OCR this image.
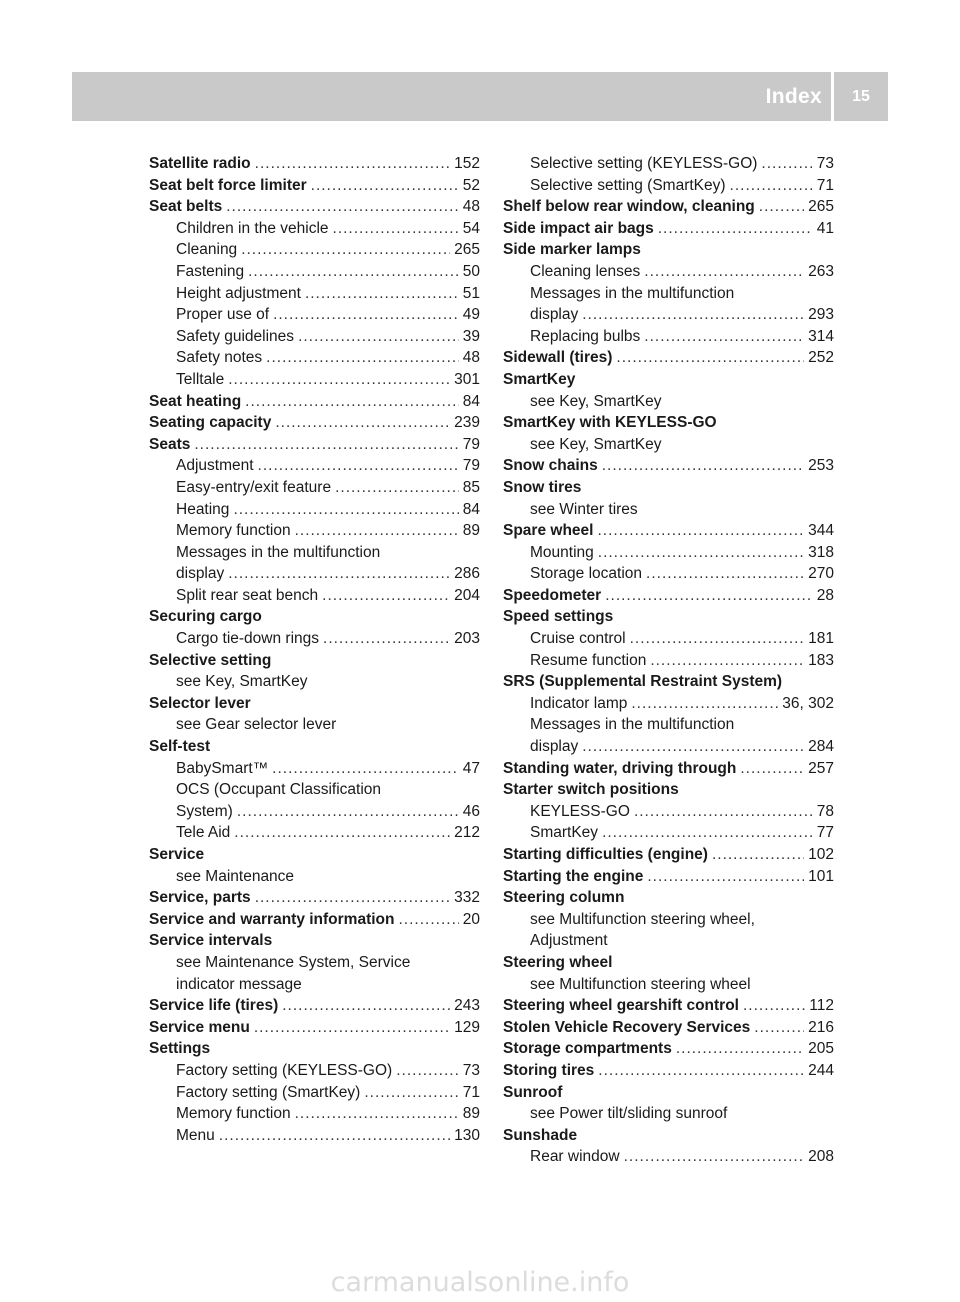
Index	15
Satellite radio .....	152
Seat belt force limiter .....	52
Seat belts .....	48
Children in the vehicle .....	54
Cleaning .....	265
Fastening .....	50
Height adjustment .....	51
Proper use of .....	49
Safety guidelines .....	39
Safety notes .....	48
Telltale .....	301
Seat heating .....	84
Seating capacity .....	239
Seats .....	79
Adjustment .....	79
Easy-entry/exit feature .....	85
Heating .....	84
Memory function .....	89
Messages in the multifunction
display .....	286
Split rear seat bench .....	204
Securing cargo
Cargo tie-down rings .....	203
Selective setting
see Key, SmartKey
Selector lever
see Gear selector lever
Self-test
BabySmart™ .....	47
OCS (Occupant Classification
System) .....	46
Tele Aid .....	212
Service
see Maintenance
Service, parts .....	332
Service and warranty information .....	20
Service intervals
see Maintenance System, Service
indicator message
Service life (tires) .....	243
Service menu .....	129
Settings
Factory setting (KEYLESS-GO) .....	73
Factory setting (SmartKey) .....	71
Memory function .....	89
Menu .....	130
Selective setting (KEYLESS-GO) .....	73
Selective setting (SmartKey) .....	71
Shelf below rear window, cleaning .....	265
Side impact air bags .....	41
Side marker lamps
Cleaning lenses .....	263
Messages in the multifunction
display .....	293
Replacing bulbs .....	314
Sidewall (tires) .....	252
SmartKey
see Key, SmartKey
SmartKey with KEYLESS-GO
see Key, SmartKey
Snow chains .....	253
Snow tires
see Winter tires
Spare wheel .....	344
Mounting .....	318
Storage location .....	270
Speedometer .....	28
Speed settings
Cruise control .....	181
Resume function .....	183
SRS (Supplemental Restraint System)
Indicator lamp .....	36, 302
Messages in the multifunction
display .....	284
Standing water, driving through .....	257
Starter switch positions
KEYLESS-GO .....	78
SmartKey .....	77
Starting difficulties (engine) .....	102
Starting the engine .....	101
Steering column
see Multifunction steering wheel,
Adjustment
Steering wheel
see Multifunction steering wheel
Steering wheel gearshift control .....	112
Stolen Vehicle Recovery Services .....	216
Storage compartments .....	205
Storing tires .....	244
Sunroof
see Power tilt/sliding sunroof
Sunshade
Rear window .....	208
carmanualsonline.info
